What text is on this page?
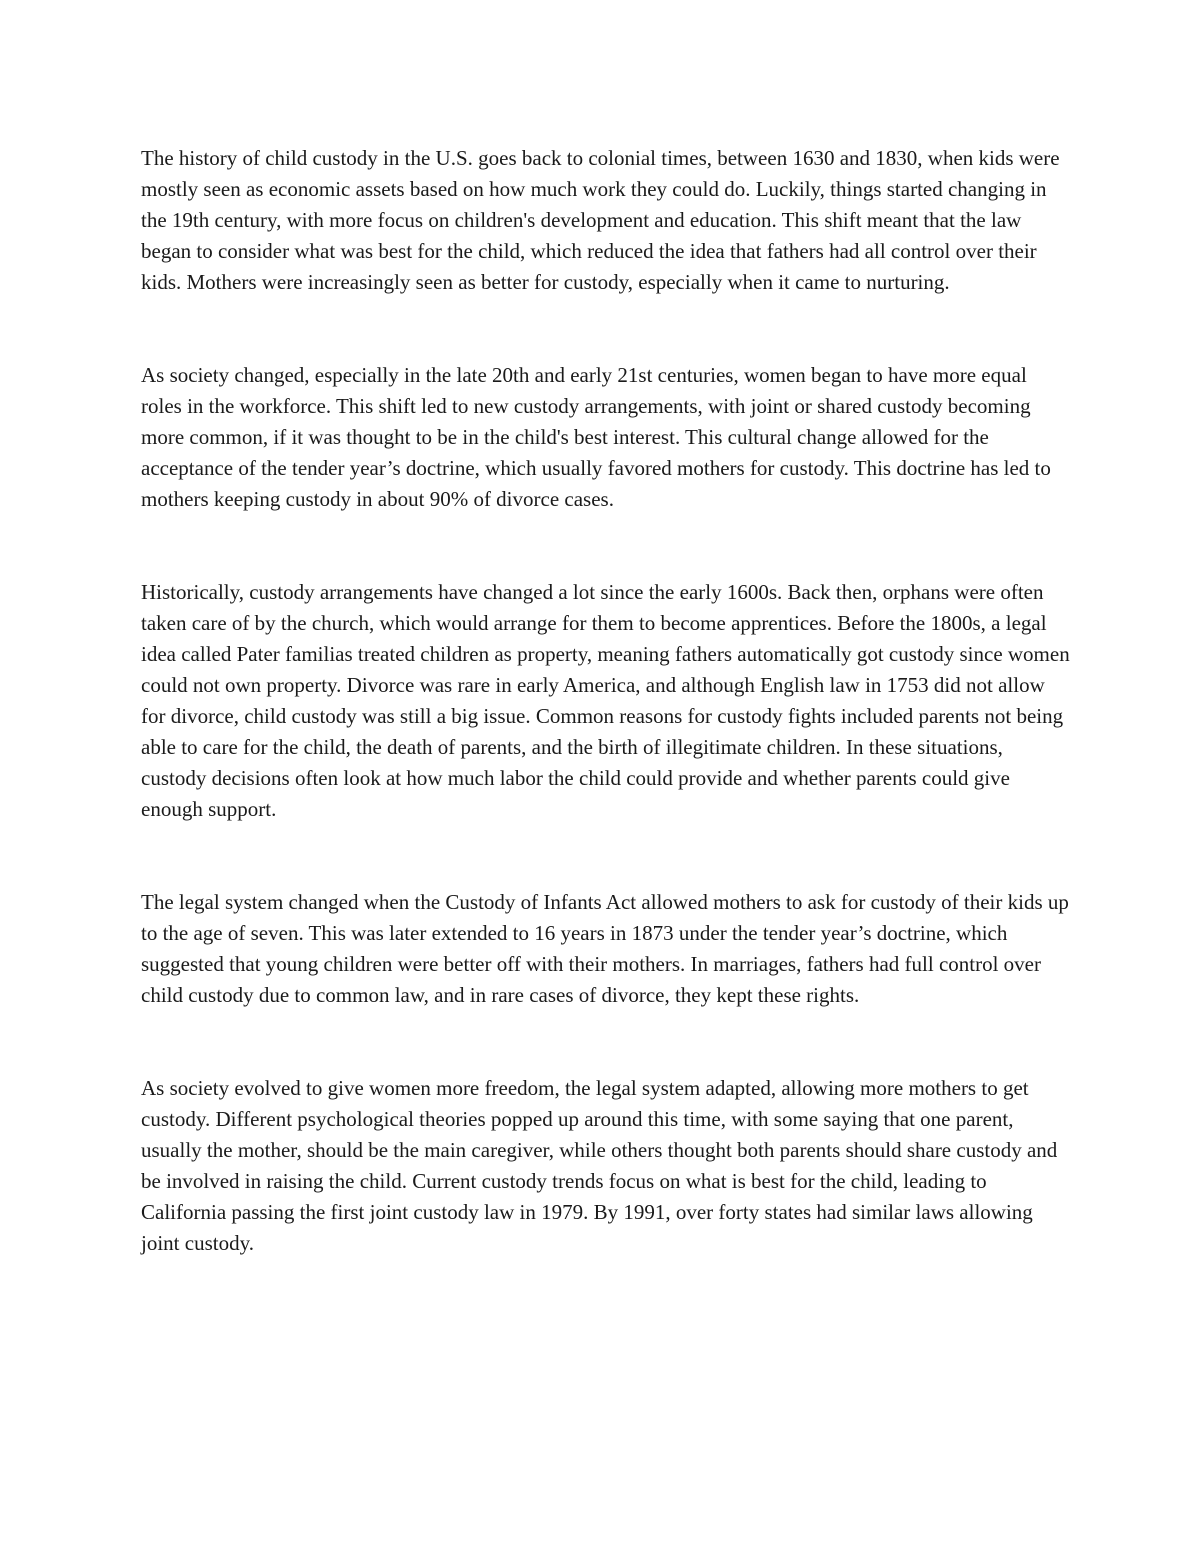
The history of child custody in the U.S. goes back to colonial times, between 1630 and 1830, when kids were mostly seen as economic assets based on how much work they could do. Luckily, things started changing in the 19th century, with more focus on children's development and education. This shift meant that the law began to consider what was best for the child, which reduced the idea that fathers had all control over their kids. Mothers were increasingly seen as better for custody, especially when it came to nurturing.

As society changed, especially in the late 20th and early 21st centuries, women began to have more equal roles in the workforce. This shift led to new custody arrangements, with joint or shared custody becoming more common, if it was thought to be in the child's best interest. This cultural change allowed for the acceptance of the tender year’s doctrine, which usually favored mothers for custody. This doctrine has led to mothers keeping custody in about 90% of divorce cases.

Historically, custody arrangements have changed a lot since the early 1600s. Back then, orphans were often taken care of by the church, which would arrange for them to become apprentices. Before the 1800s, a legal idea called Pater familias treated children as property, meaning fathers automatically got custody since women could not own property. Divorce was rare in early America, and although English law in 1753 did not allow for divorce, child custody was still a big issue. Common reasons for custody fights included parents not being able to care for the child, the death of parents, and the birth of illegitimate children. In these situations, custody decisions often look at how much labor the child could provide and whether parents could give enough support.

The legal system changed when the Custody of Infants Act allowed mothers to ask for custody of their kids up to the age of seven. This was later extended to 16 years in 1873 under the tender year’s doctrine, which suggested that young children were better off with their mothers. In marriages, fathers had full control over child custody due to common law, and in rare cases of divorce, they kept these rights.

As society evolved to give women more freedom, the legal system adapted, allowing more mothers to get custody. Different psychological theories popped up around this time, with some saying that one parent, usually the mother, should be the main caregiver, while others thought both parents should share custody and be involved in raising the child. Current custody trends focus on what is best for the child, leading to California passing the first joint custody law in 1979. By 1991, over forty states had similar laws allowing joint custody.
